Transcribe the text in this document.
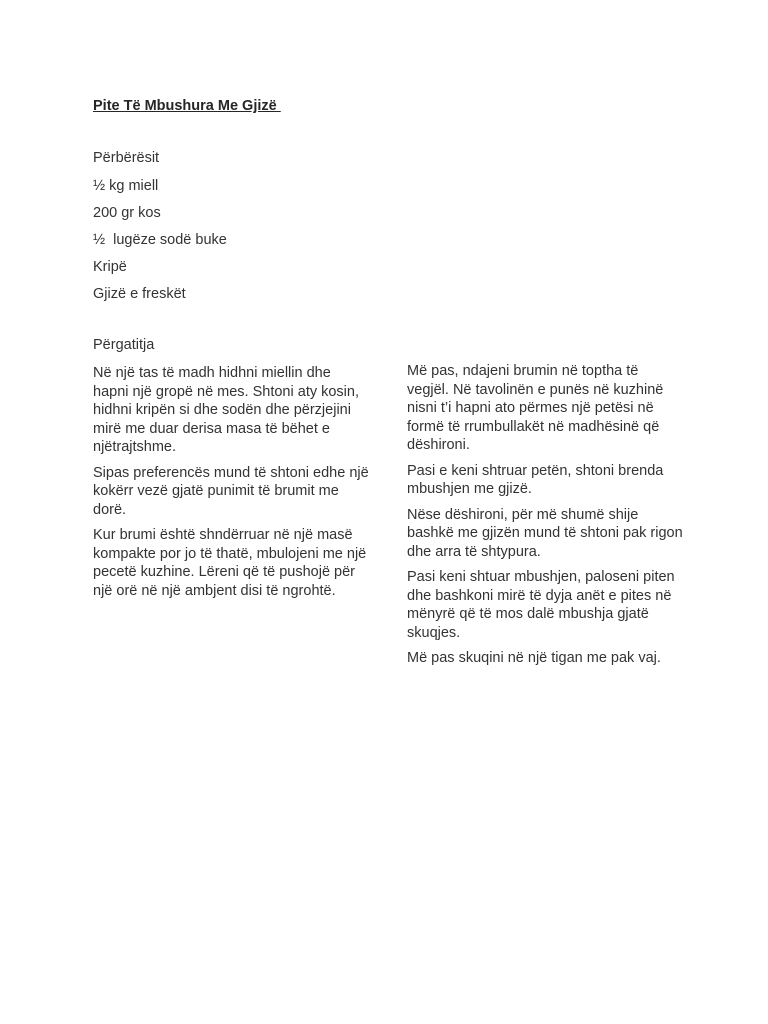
Pite Të Mbushura Me Gjizë
Përbërësit
½ kg miell
200 gr kos
½  lugëze sodë buke
Kripë
Gjizë e freskët
Përgatitja

Në një tas të madh hidhni miellin dhe hapni një gropë në mes. Shtoni aty kosin, hidhni kripën si dhe sodën dhe përzjejini mirë me duar derisa masa të bëhet e njëtrajtshme.

Sipas preferencës mund të shtoni edhe një kokërr vezë gjatë punimit të brumit me dorë.

Kur brumi është shndërruar në një masë kompakte por jo të thatë, mbulojeni me një pecetë kuzhine. Lëreni që të pushojë për një orë në një ambjent disi të ngrohtë.

Më pas, ndajeni brumin në toptha të vegjël. Në tavolinën e punës në kuzhinë nisni t’i hapni ato përmes një petësi në formë të rrumbullakët në madhësinë që dëshironi.

Pasi e keni shtruar petën, shtoni brenda mbushjen me gjizë.

Nëse dëshironi, për më shumë shije bashkë me gjizën mund të shtoni pak rigon dhe arra të shtypura.

Pasi keni shtuar mbushjen, paloseni piten dhe bashkoni mirë të dyja anët e pites në mënyrë që të mos dalë mbushja gjatë skuqjes.

Më pas skuqini në një tigan me pak vaj.
